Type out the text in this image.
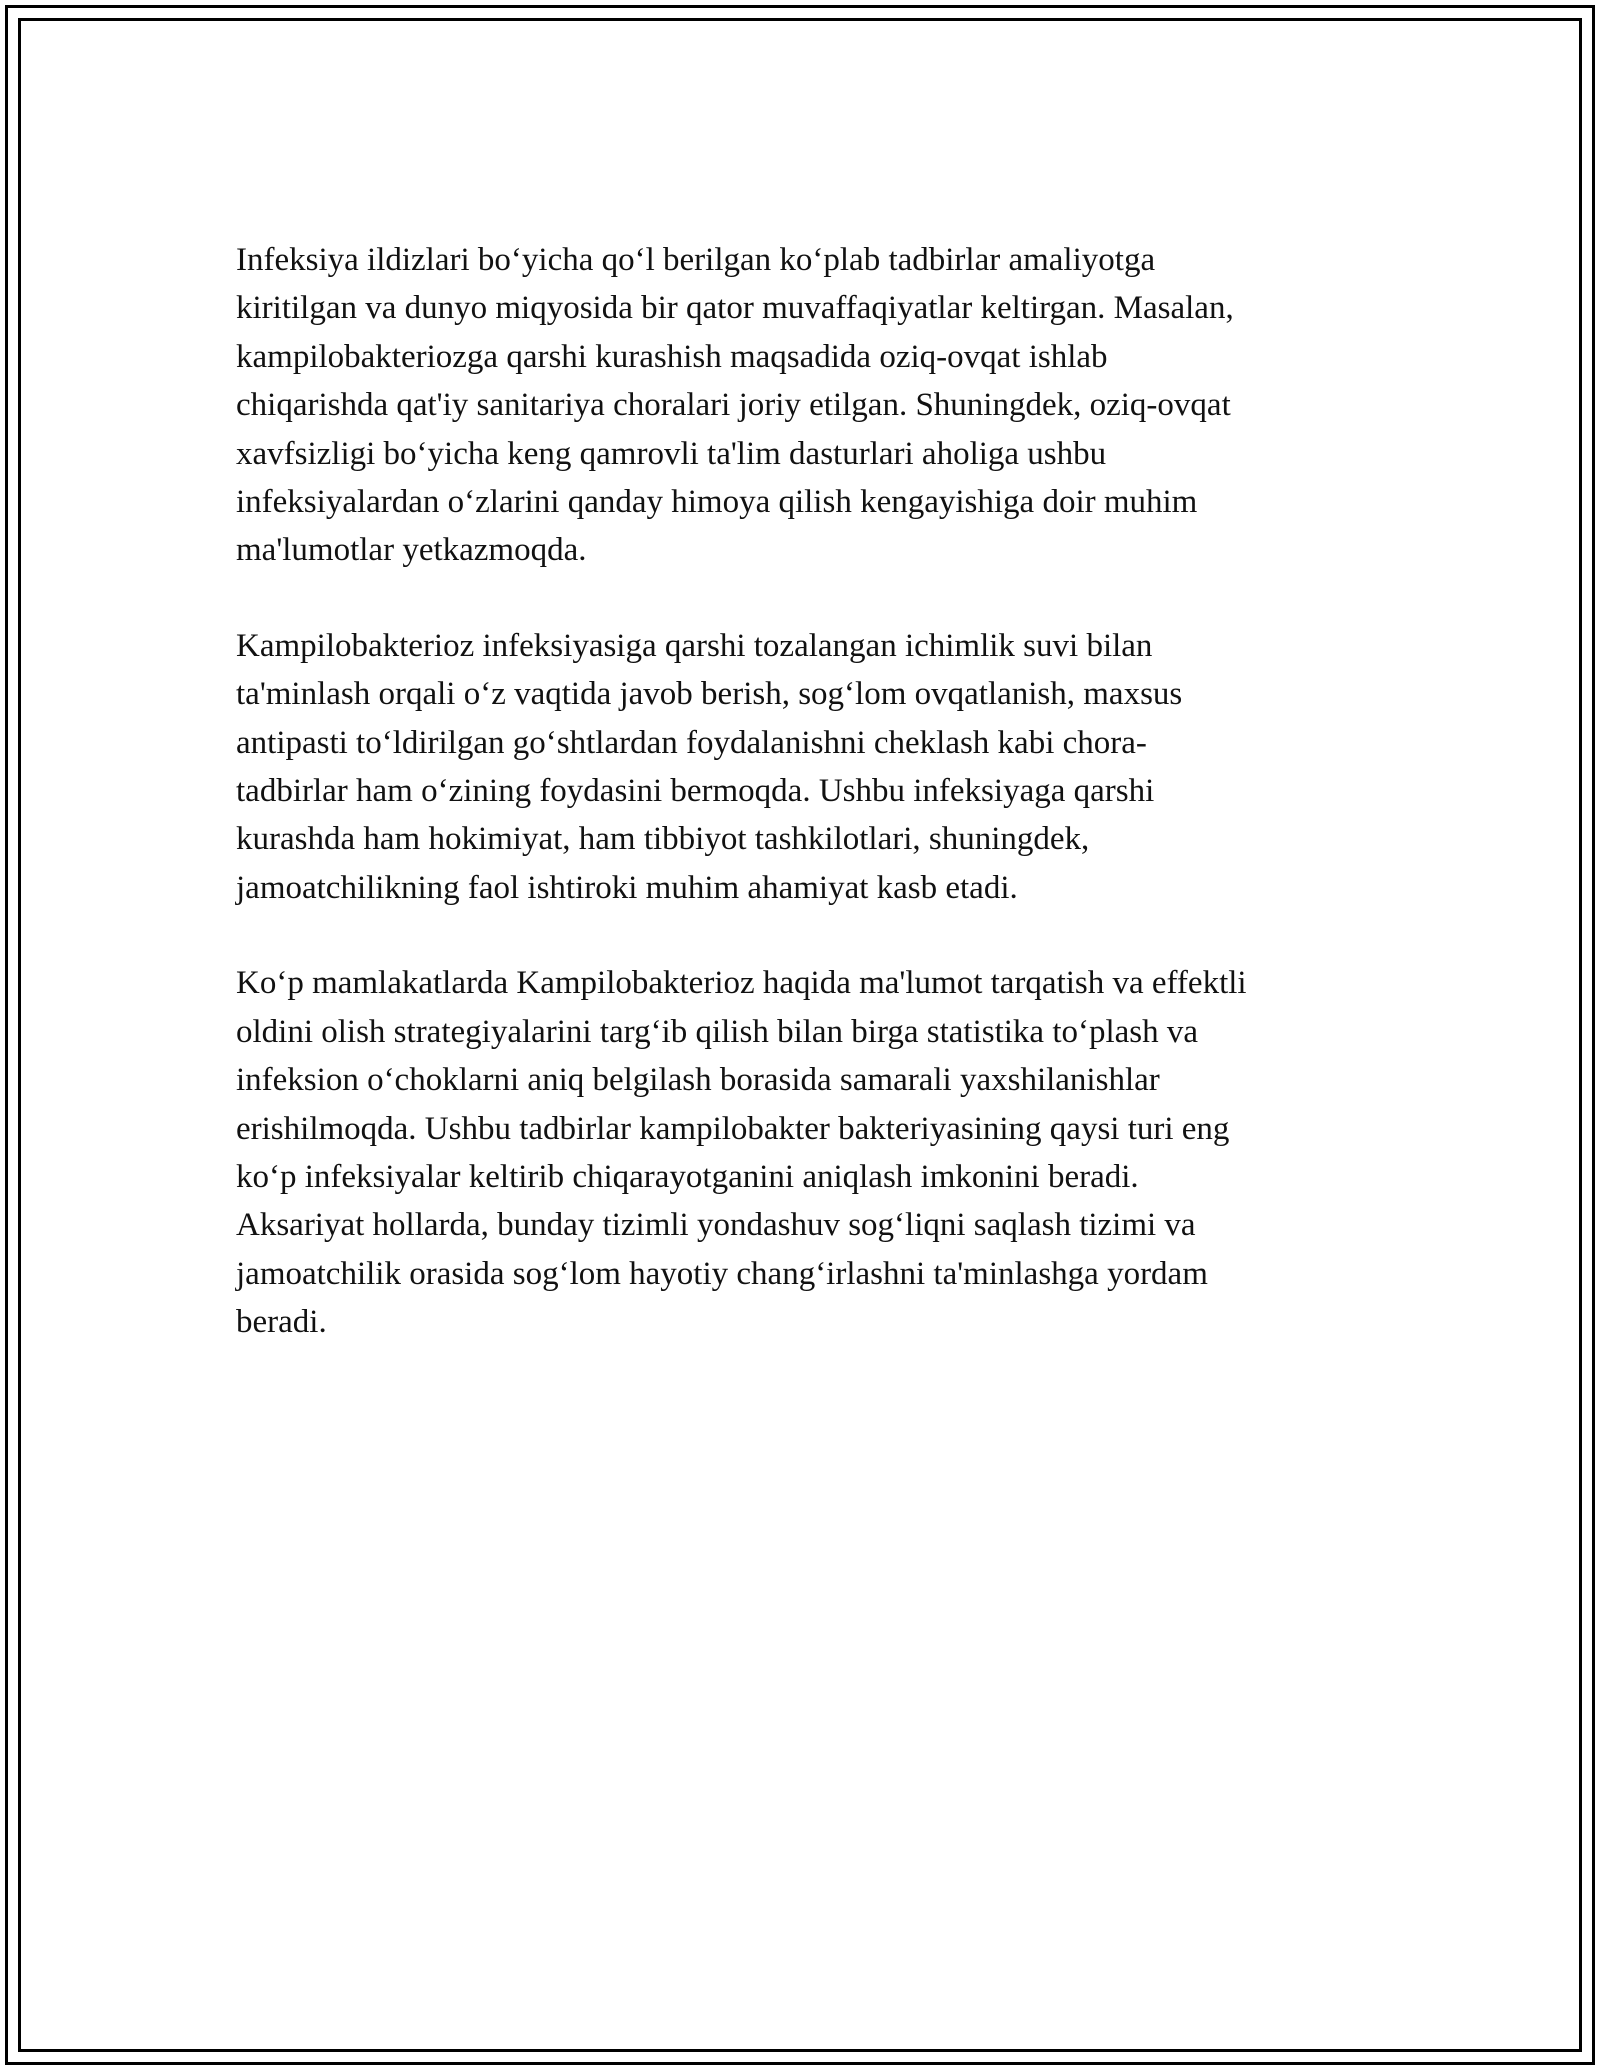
Infeksiya ildizlari bo‘yicha qo‘l berilgan ko‘plab tadbirlar amaliyotga
kiritilgan va dunyo miqyosida bir qator muvaffaqiyatlar keltirgan. Masalan,
kampilobakteriozga qarshi kurashish maqsadida oziq-ovqat ishlab
chiqarishda qat'iy sanitariya choralari joriy etilgan. Shuningdek, oziq-ovqat
xavfsizligi bo‘yicha keng qamrovli ta'lim dasturlari aholiga ushbu
infeksiyalardan o‘zlarini qanday himoya qilish kengayishiga doir muhim
ma'lumotlar yetkazmoqda.

Kampilobakterioz infeksiyasiga qarshi tozalangan ichimlik suvi bilan
ta'minlash orqali o‘z vaqtida javob berish, sog‘lom ovqatlanish, maxsus
antipasti to‘ldirilgan go‘shtlardan foydalanishni cheklash kabi chora-
tadbirlar ham o‘zining foydasini bermoqda. Ushbu infeksiyaga qarshi
kurashda ham hokimiyat, ham tibbiyot tashkilotlari, shuningdek,
jamoatchilikning faol ishtiroki muhim ahamiyat kasb etadi.

Ko‘p mamlakatlarda Kampilobakterioz haqida ma'lumot tarqatish va effektli
oldini olish strategiyalarini targ‘ib qilish bilan birga statistika to‘plash va
infeksion o‘choklarni aniq belgilash borasida samarali yaxshilanishlar
erishilmoqda. Ushbu tadbirlar kampilobakter bakteriyasining qaysi turi eng
ko‘p infeksiyalar keltirib chiqarayotganini aniqlash imkonini beradi.
Aksariyat hollarda, bunday tizimli yondashuv sog‘liqni saqlash tizimi va
jamoatchilik orasida sog‘lom hayotiy chang‘irlashni ta'minlashga yordam
beradi.
